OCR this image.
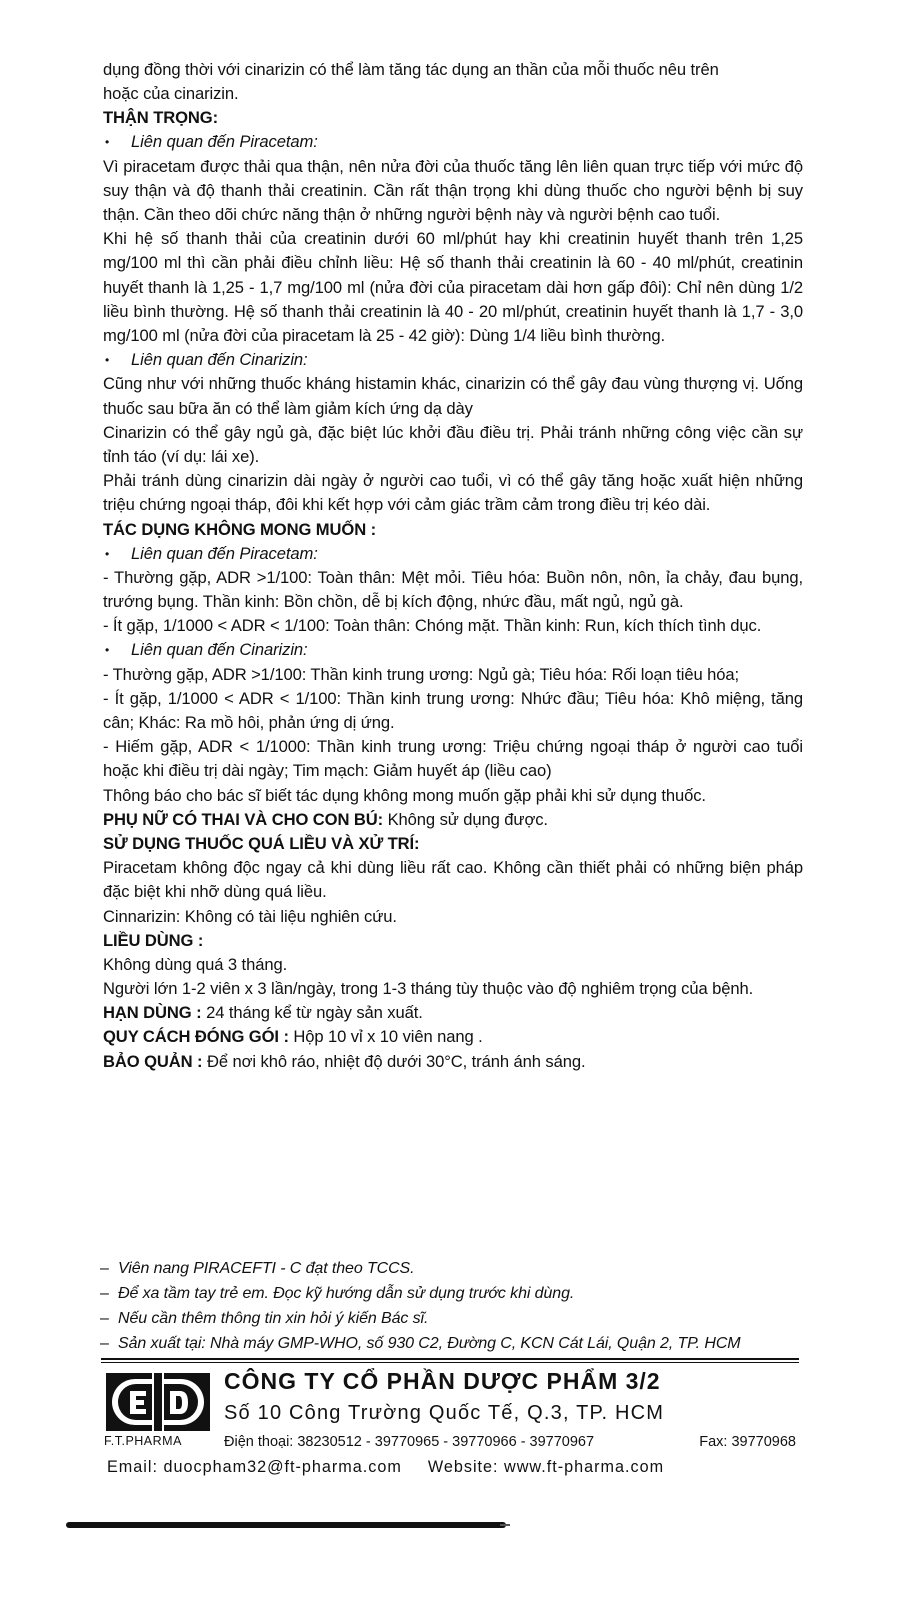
dụng đồng thời với cinarizin có thể làm tăng tác dụng an thần của mỗi thuốc nêu trên

hoặc của cinarizin.

THẬN TRỌNG:

• Liên quan đến Piracetam:

Vì piracetam được thải qua thận, nên nửa đời của thuốc tăng lên liên quan trực tiếp với mức độ suy thận và độ thanh thải creatinin. Cần rất thận trọng khi dùng thuốc cho người bệnh bị suy thận. Cần theo dõi chức năng thận ở những người bệnh này và người bệnh cao tuổi.

Khi hệ số thanh thải của creatinin dưới 60 ml/phút hay khi creatinin huyết thanh trên 1,25 mg/100 ml thì cần phải điều chỉnh liều: Hệ số thanh thải creatinin là 60 - 40 ml/phút, creatinin huyết thanh là 1,25 - 1,7 mg/100 ml (nửa đời của piracetam dài hơn gấp đôi): Chỉ nên dùng 1/2 liều bình thường. Hệ số thanh thải creatinin là 40 - 20 ml/phút, creatinin huyết thanh là 1,7 - 3,0 mg/100 ml (nửa đời của piracetam là 25 - 42 giờ): Dùng 1/4 liều bình thường.

• Liên quan đến Cinarizin:

Cũng như với những thuốc kháng histamin khác, cinarizin có thể gây đau vùng thượng vị. Uống thuốc sau bữa ăn có thể làm giảm kích ứng dạ dày

Cinarizin có thể gây ngủ gà, đặc biệt lúc khởi đầu điều trị. Phải tránh những công việc cần sự tỉnh táo (ví dụ: lái xe).

Phải tránh dùng cinarizin dài ngày ở người cao tuổi, vì có thể gây tăng hoặc xuất hiện những triệu chứng ngoại tháp, đôi khi kết hợp với cảm giác trầm cảm trong điều trị kéo dài.

TÁC DỤNG KHÔNG MONG MUỐN :

• Liên quan đến Piracetam:

- Thường gặp, ADR >1/100: Toàn thân: Mệt mỏi. Tiêu hóa: Buồn nôn, nôn, ỉa chảy, đau bụng, trướng bụng. Thần kinh: Bồn chồn, dễ bị kích động, nhức đầu, mất ngủ, ngủ gà.

- Ít gặp, 1/1000 < ADR < 1/100: Toàn thân: Chóng mặt. Thần kinh: Run, kích thích tình dục.

• Liên quan đến Cinarizin:

- Thường gặp, ADR >1/100: Thần kinh trung ương: Ngủ gà; Tiêu hóa: Rối loạn tiêu hóa;

- Ít gặp, 1/1000 < ADR < 1/100: Thần kinh trung ương: Nhức đầu; Tiêu hóa: Khô miệng, tăng cân; Khác: Ra mồ hôi, phản ứng dị ứng.

- Hiếm gặp, ADR < 1/1000: Thần kinh trung ương: Triệu chứng ngoại tháp ở người cao tuổi hoặc khi điều trị dài ngày; Tim mạch: Giảm huyết áp (liều cao)

Thông báo cho bác sĩ biết tác dụng không mong muốn gặp phải khi sử dụng thuốc.

PHỤ NỮ CÓ THAI VÀ CHO CON BÚ: Không sử dụng được.

SỬ DỤNG THUỐC QUÁ LIỀU VÀ XỬ TRÍ:

Piracetam không độc ngay cả khi dùng liều rất cao. Không cần thiết phải có những biện pháp đặc biệt khi nhỡ dùng quá liều.

Cinnarizin: Không có tài liệu nghiên cứu.

LIỀU DÙNG :

Không dùng quá 3 tháng.

Người lớn 1-2 viên x 3 lần/ngày, trong 1-3 tháng tùy thuộc vào độ nghiêm trọng của bệnh.

HẠN DÙNG : 24 tháng kể từ ngày sản xuất.

QUY CÁCH ĐÓNG GÓI : Hộp 10 vỉ x 10 viên nang .

BẢO QUẢN : Để nơi khô ráo, nhiệt độ dưới 30°C, tránh ánh sáng.

– Viên nang PIRACEFTI - C đạt theo TCCS.

– Để xa tầm tay trẻ em. Đọc kỹ hướng dẫn sử dụng trước khi dùng.

– Nếu cần thêm thông tin xin hỏi ý kiến Bác sĩ.

– Sản xuất tại: Nhà máy GMP-WHO, số 930 C2, Đường C, KCN Cát Lái, Quận 2, TP. HCM

F.T.PHARMA
CÔNG TY CỔ PHẦN DƯỢC PHẨM 3/2
Số 10 Công Trường Quốc Tế, Q.3, TP. HCM
Điện thoại: 38230512 - 39770965 - 39770966 - 39770967	Fax: 39770968
Email: duocpham32@ft-pharma.com Website: www.ft-pharma.com
